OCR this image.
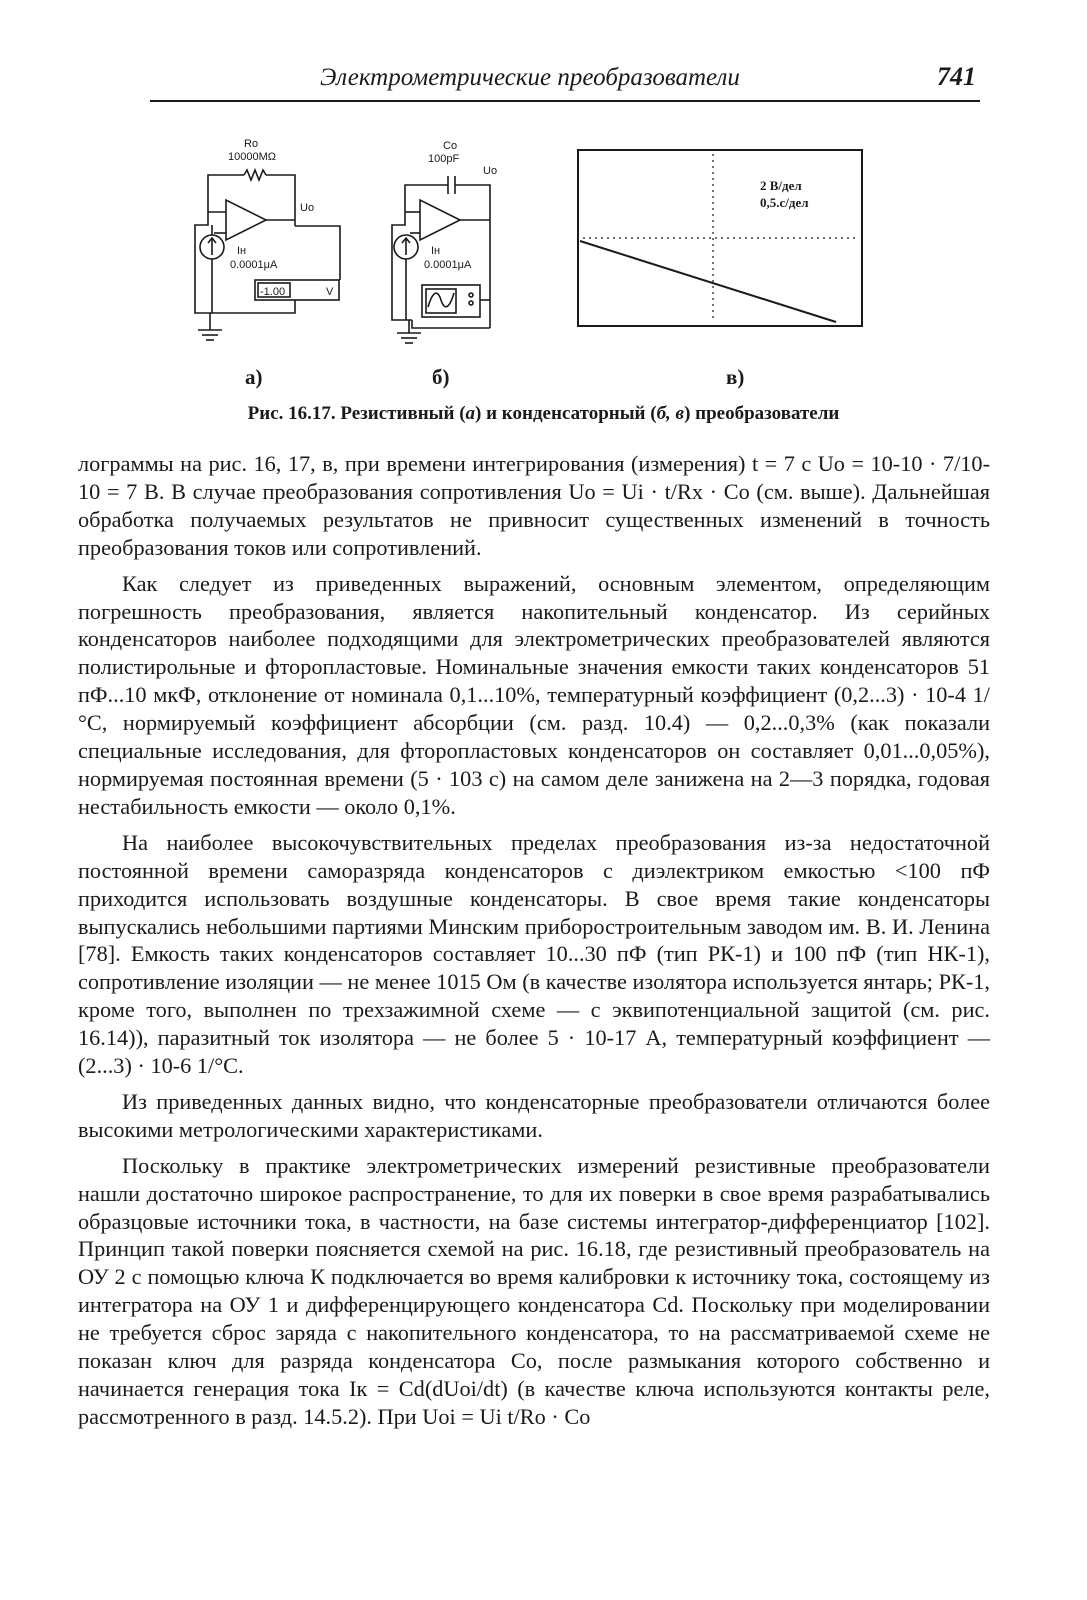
Электрометрические преобразователи	741
Ro
10000MΩ
Uo
Iн
0.0001μA
-1.00	V
Co
100pF
Uo
Iн
0.0001μA
2 В/дел
0,5.с/дел
а)	б)	в)
Рис. 16.17. Резистивный (а) и конденсаторный (б, в) преобразователи

лограммы на рис. 16, 17, в, при времени интегрирования (измерения) t = 7 с Uo = 10-10 · 7/10-10 = 7 В. В случае преобразования сопротивления Uo = Ui · t/Rx · Co (см. выше). Дальнейшая обработка получаемых результатов не привносит существенных изменений в точность преобразования токов или сопротивлений.

Как следует из приведенных выражений, основным элементом, определяющим погрешность преобразования, является накопительный конденсатор. Из серийных конденсаторов наиболее подходящими для электрометрических преобразователей являются полистирольные и фторопластовые. Номинальные значения емкости таких конденсаторов 51 пФ...10 мкФ, отклонение от номинала 0,1...10%, температурный коэффициент (0,2...3) · 10-4 1/°С, нормируемый коэффициент абсорбции (см. разд. 10.4) — 0,2...0,3% (как показали специальные исследования, для фторопластовых конденсаторов он составляет 0,01...0,05%), нормируемая постоянная времени (5 · 103 с) на самом деле занижена на 2—3 порядка, годовая нестабильность емкости — около 0,1%.

На наиболее высокочувствительных пределах преобразования из-за недостаточной постоянной времени саморазряда конденсаторов с диэлектриком емкостью <100 пФ приходится использовать воздушные конденсаторы. В свое время такие конденсаторы выпускались небольшими партиями Минским приборостроительным заводом им. В. И. Ленина [78]. Емкость таких конденсаторов составляет 10...30 пФ (тип РК-1) и 100 пФ (тип НК-1), сопротивление изоляции — не менее 1015 Ом (в качестве изолятора используется янтарь; РК-1, кроме того, выполнен по трехзажимной схеме — с эквипотенциальной защитой (см. рис. 16.14)), паразитный ток изолятора — не более 5 · 10-17 А, температурный коэффициент — (2...3) · 10-6 1/°С.

Из приведенных данных видно, что конденсаторные преобразователи отличаются более высокими метрологическими характеристиками.

Поскольку в практике электрометрических измерений резистивные преобразователи нашли достаточно широкое распространение, то для их поверки в свое время разрабатывались образцовые источники тока, в частности, на базе системы интегратор-дифференциатор [102]. Принцип такой поверки поясняется схемой на рис. 16.18, где резистивный преобразователь на ОУ 2 с помощью ключа К подключается во время калибровки к источнику тока, состоящему из интегратора на ОУ 1 и дифференцирующего конденсатора Cd. Поскольку при моделировании не требуется сброс заряда с накопительного конденсатора, то на рассматриваемой схеме не показан ключ для разряда конденсатора Со, после размыкания которого собственно и начинается генерация тока Iк = Cd(dUoi/dt) (в качестве ключа используются контакты реле, рассмотренного в разд. 14.5.2). При Uoi = Ui t/Ro · Co
